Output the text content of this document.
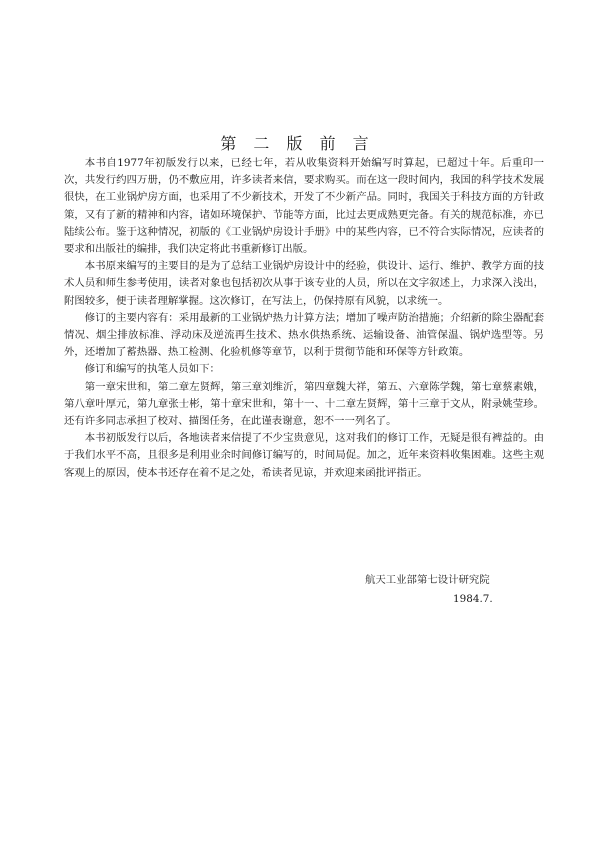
第 二 版 前 言

本书自1977年初版发行以来，已经七年，若从收集资料开始编写时算起，已超过十年。后重印一次，共发行约四万册，仍不敷应用，许多读者来信，要求购买。而在这一段时间内，我国的科学技术发展很快，在工业锅炉房方面，也采用了不少新技术，开发了不少新产品。同时，我国关于科技方面的方针政策，又有了新的精神和内容，诸如环境保护、节能等方面，比过去更成熟更完备。有关的规范标准，亦已陆续公布。鉴于这种情况，初版的《工业锅炉房设计手册》中的某些内容，已不符合实际情况，应读者的要求和出版社的编排，我们决定将此书重新修订出版。

本书原来编写的主要目的是为了总结工业锅炉房设计中的经验，供设计、运行、维护、教学方面的技术人员和师生参考使用，读者对象也包括初次从事于该专业的人员，所以在文字叙述上，力求深入浅出，附图较多，便于读者理解掌握。这次修订，在写法上，仍保持原有风貌，以求统一。

修订的主要内容有：采用最新的工业锅炉热力计算方法；增加了噪声防治措施；介绍新的除尘器配套情况、烟尘排放标准、浮动床及逆流再生技术、热水供热系统、运输设备、油管保温、锅炉选型等。另外，还增加了蓄热器、热工检测、化验机修等章节，以利于贯彻节能和环保等方针政策。

修订和编写的执笔人员如下：

第一章宋世和，第二章左贤辉，第三章刘维沂，第四章魏大祥，第五、六章陈学魏，第七章蔡素娥，第八章叶厚元，第九章张士彬，第十章宋世和，第十一、十二章左贤辉，第十三章于文从，附录姚莹珍。还有许多同志承担了校对、描图任务，在此谨表谢意，恕不一一列名了。

本书初版发行以后，各地读者来信提了不少宝贵意见，这对我们的修订工作，无疑是很有裨益的。由于我们水平不高，且很多是利用业余时间修订编写的，时间局促。加之，近年来资料收集困难。这些主观客观上的原因，使本书还存在着不足之处，希读者见谅，并欢迎来函批评指正。

航天工业部第七设计研究院
1984.7.
